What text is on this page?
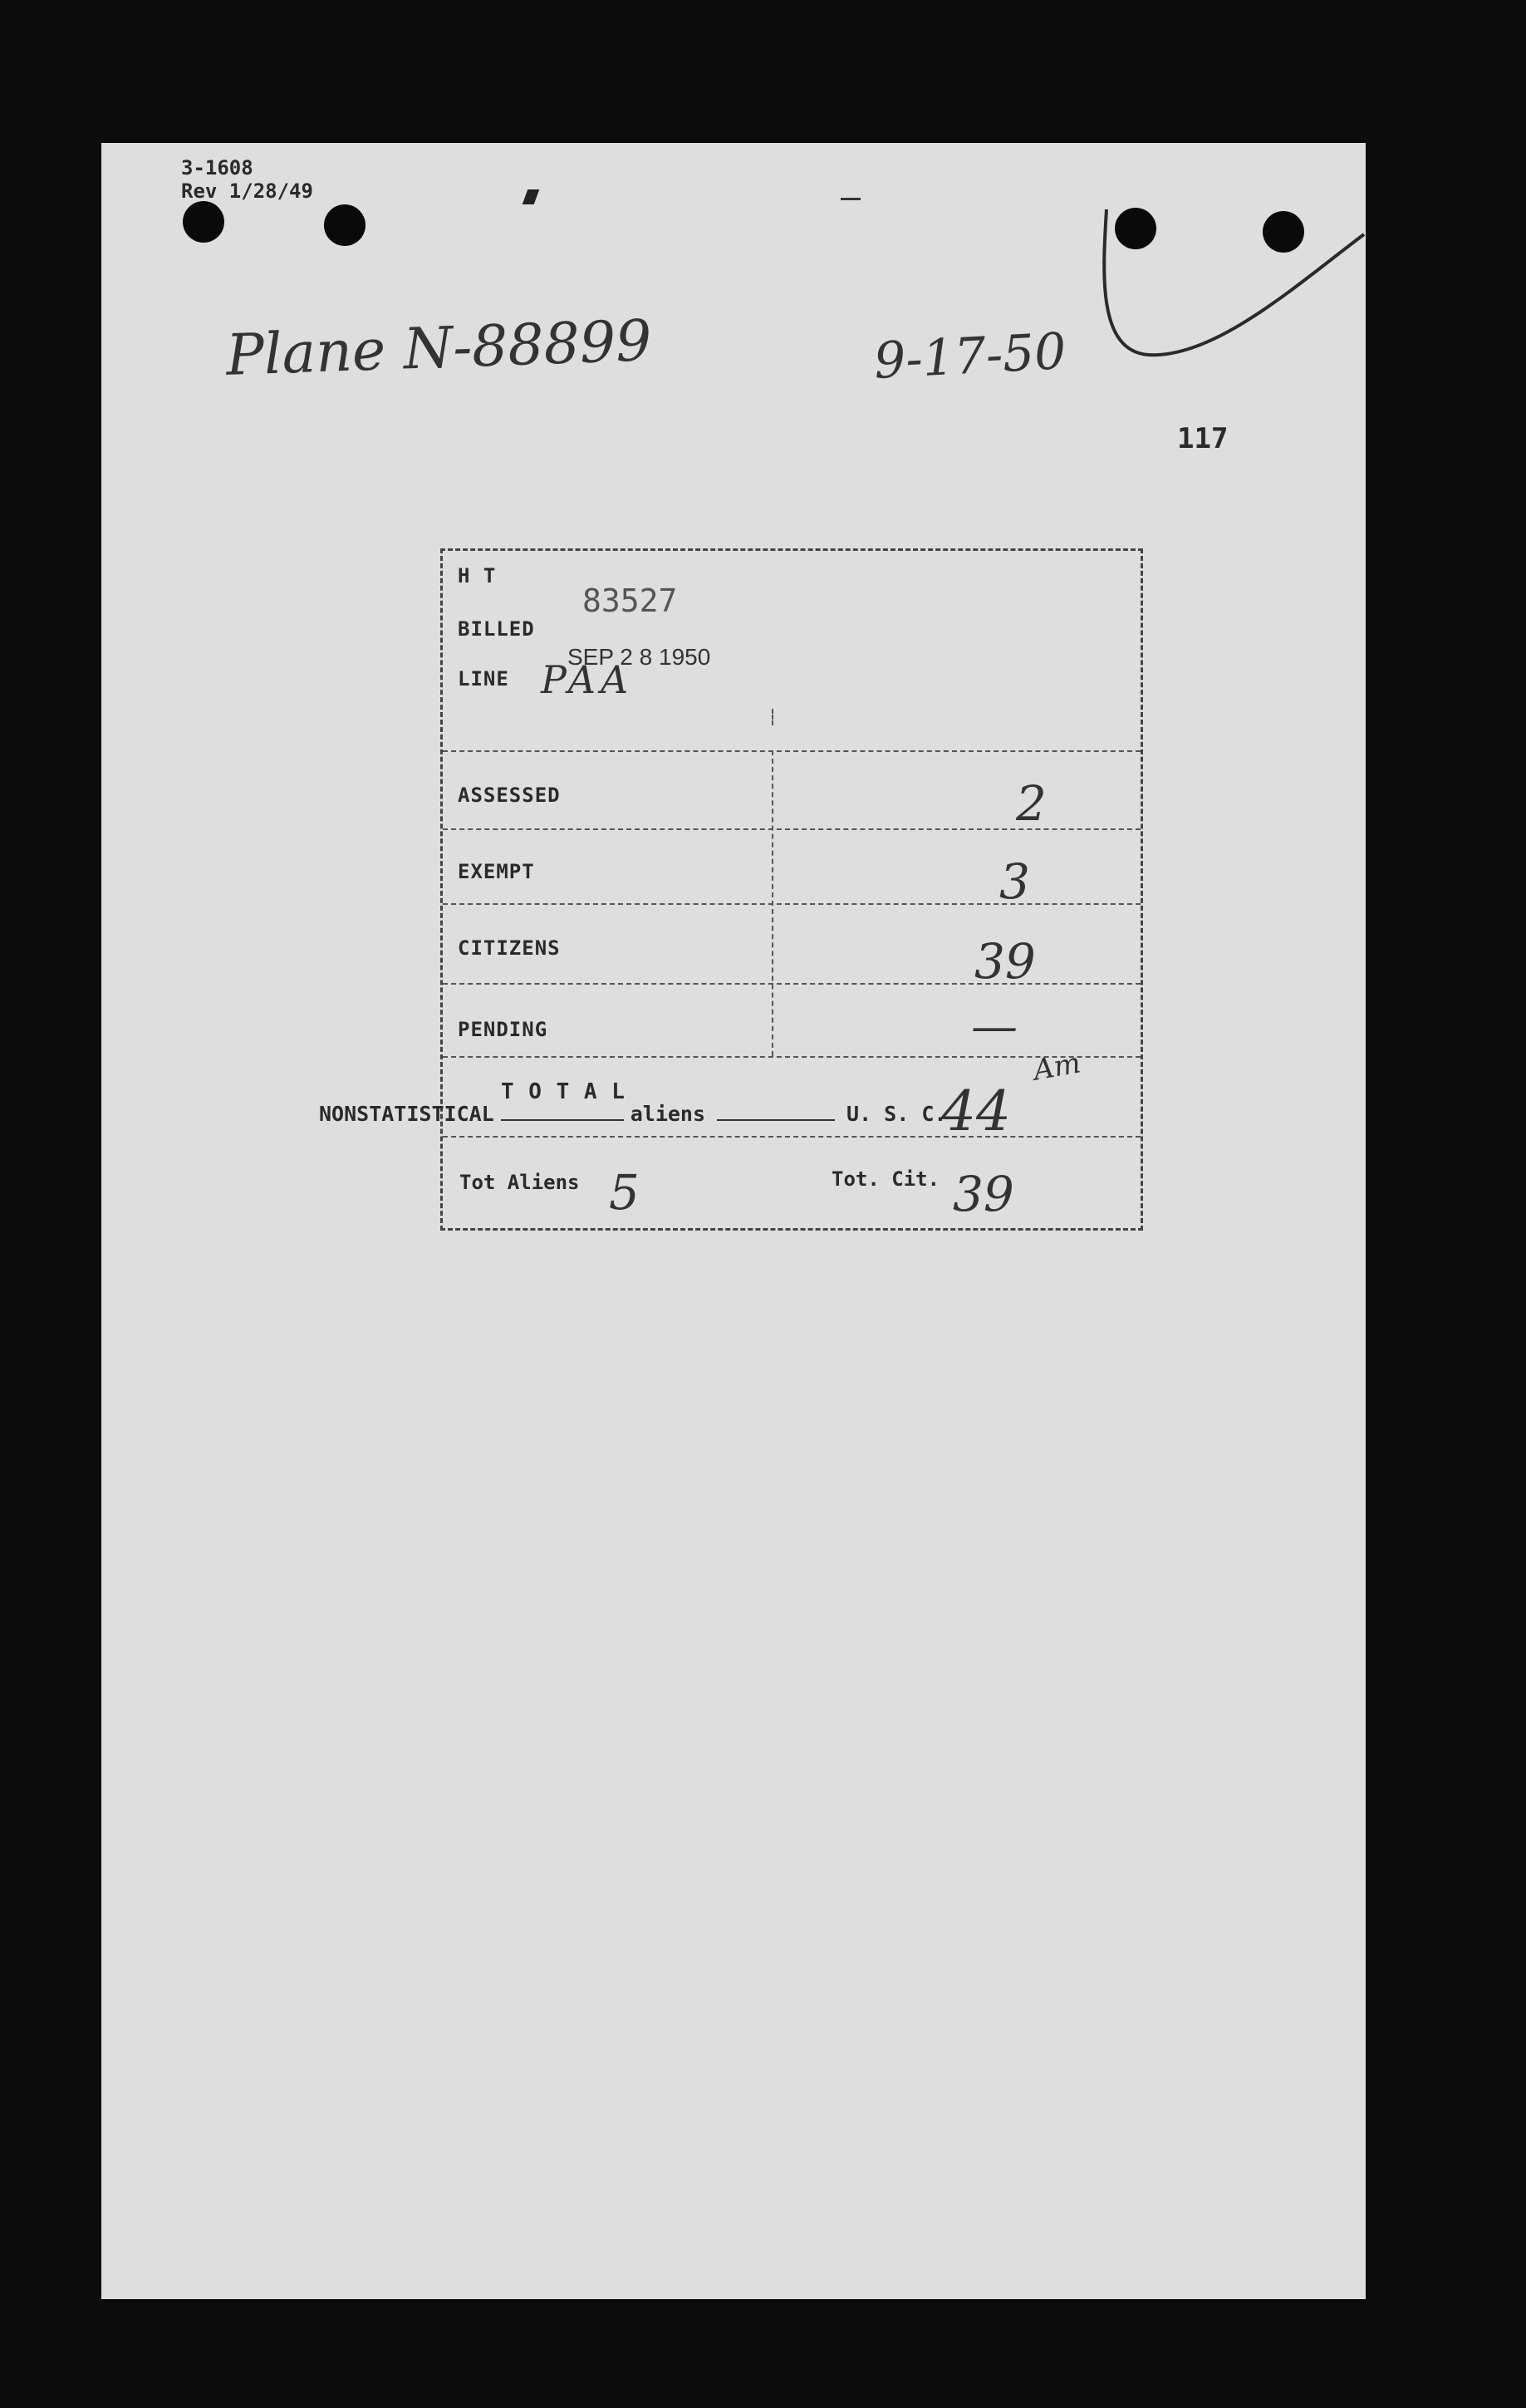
3-1608
Rev 1/28/49
Plane N-88899	9-17-50
117
H T
83527
BILLED
SEP 2 8 1950
LINE PAA
ASSESSED	2
EXEMPT	3
CITIZENS	39
PENDING	—
T O T A L	44
Tot Aliens 5	Tot. Cit. 39
Am
NONSTATISTICAL	aliens	U. S. C.
